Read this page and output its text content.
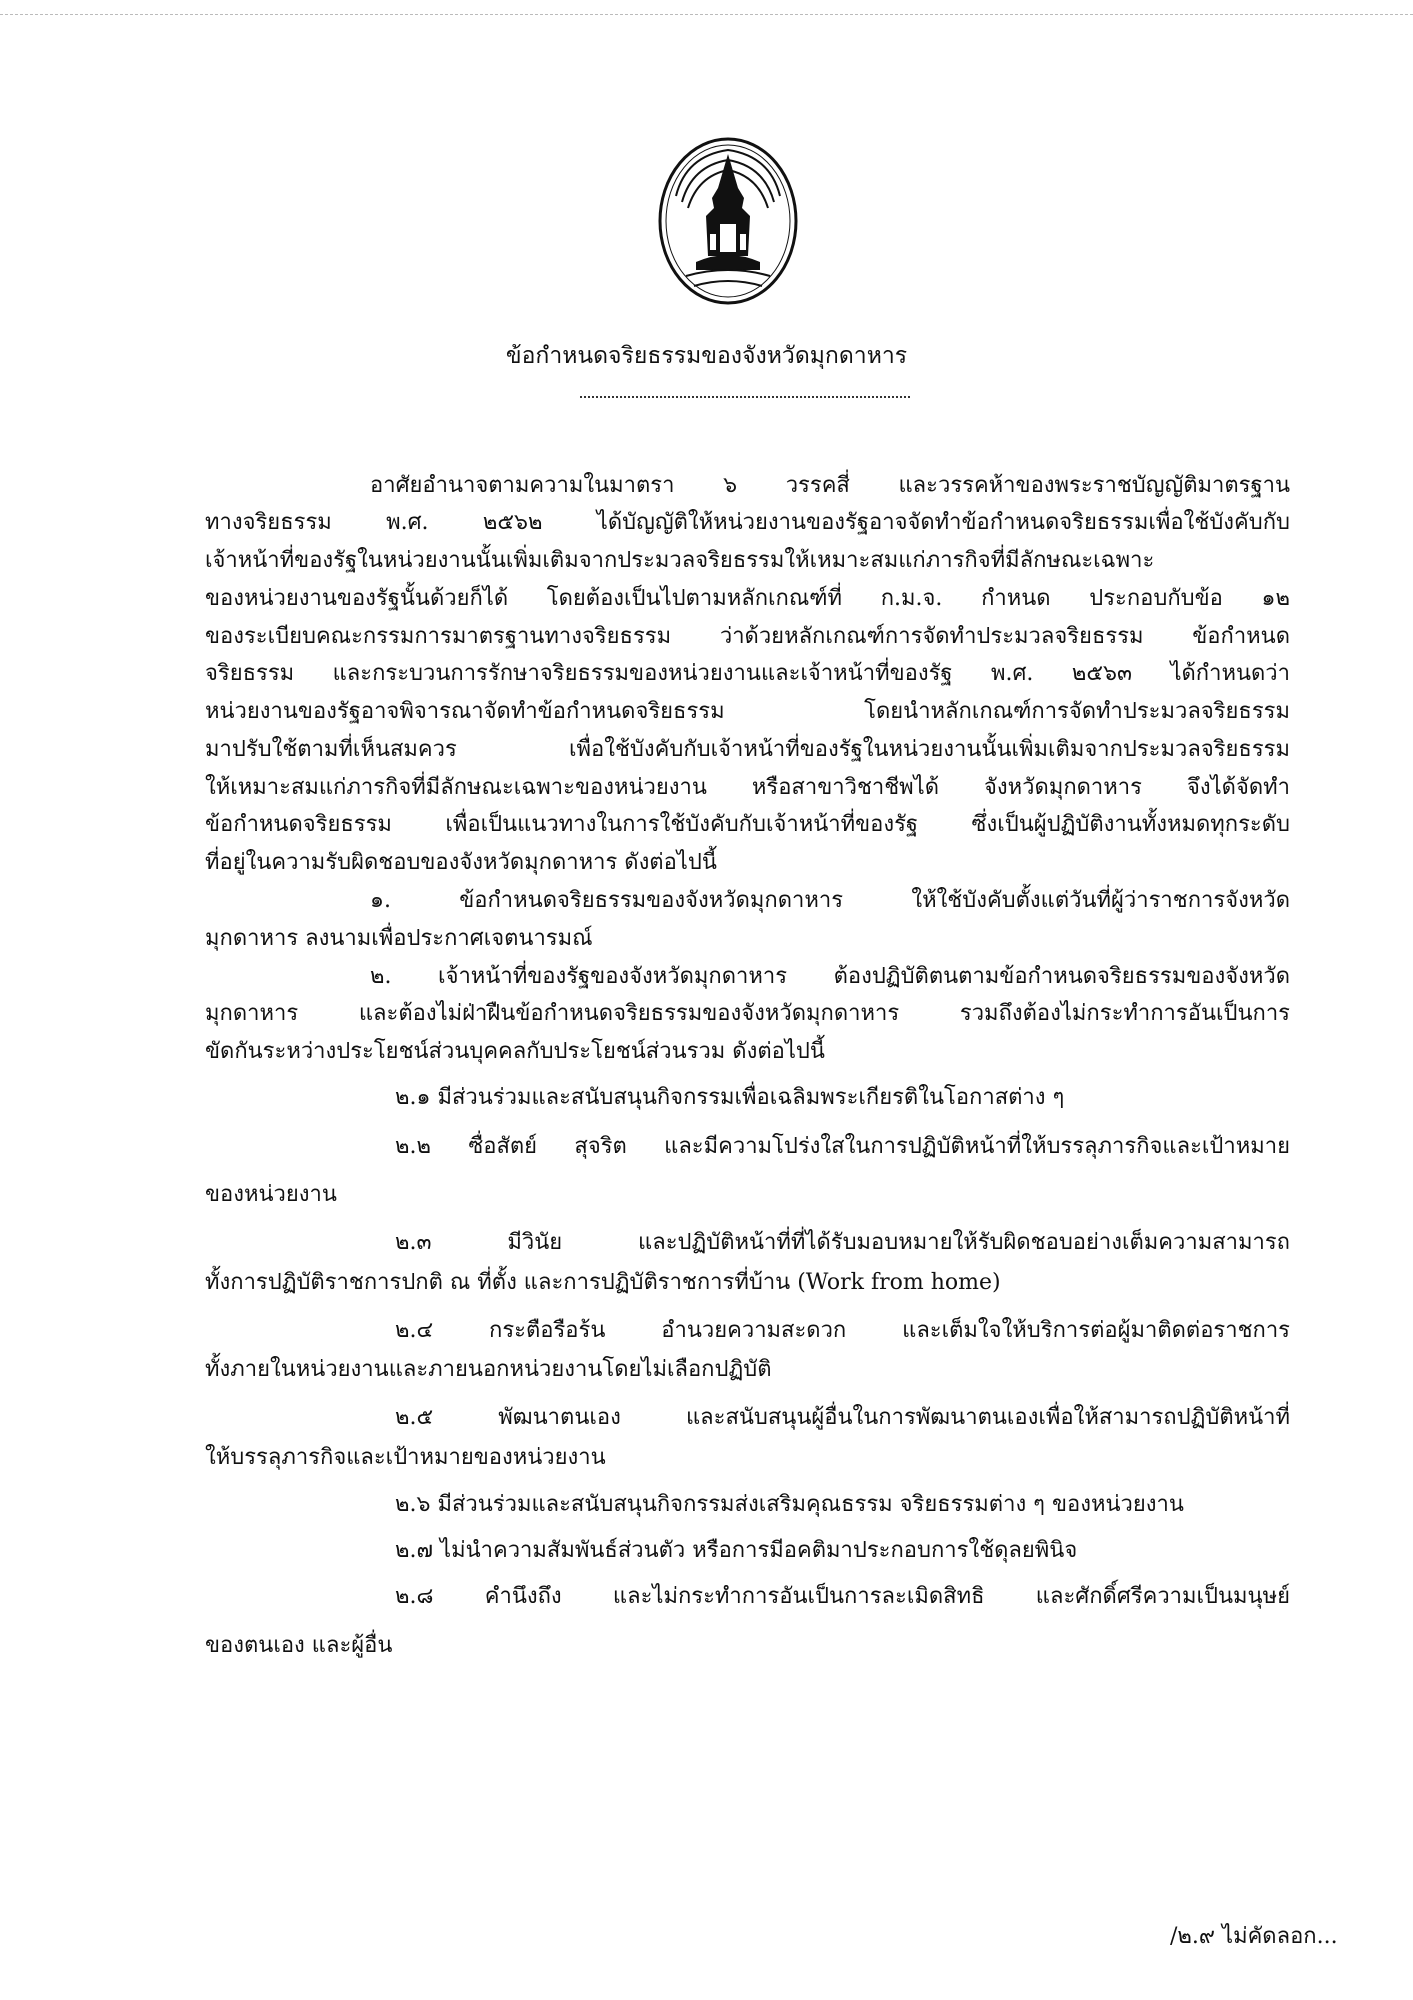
ข้อกำหนดจริยธรรมของจังหวัดมุกดาหาร
อาศัยอำนาจตามความในมาตรา ๖ วรรคสี่ และวรรคห้าของพระราชบัญญัติมาตรฐาน
ทางจริยธรรม พ.ศ. ๒๕๖๒ ได้บัญญัติให้หน่วยงานของรัฐอาจจัดทำข้อกำหนดจริยธรรมเพื่อใช้บังคับกับ
เจ้าหน้าที่ของรัฐในหน่วยงานนั้นเพิ่มเติมจากประมวลจริยธรรมให้เหมาะสมแก่ภารกิจที่มีลักษณะเฉพาะ
ของหน่วยงานของรัฐนั้นด้วยก็ได้ โดยต้องเป็นไปตามหลักเกณฑ์ที่ ก.ม.จ. กำหนด ประกอบกับข้อ ๑๒
ของระเบียบคณะกรรมการมาตรฐานทางจริยธรรม ว่าด้วยหลักเกณฑ์การจัดทำประมวลจริยธรรม ข้อกำหนด
จริยธรรม และกระบวนการรักษาจริยธรรมของหน่วยงานและเจ้าหน้าที่ของรัฐ พ.ศ. ๒๕๖๓ ได้กำหนดว่า
หน่วยงานของรัฐอาจพิจารณาจัดทำข้อกำหนดจริยธรรม โดยนำหลักเกณฑ์การจัดทำประมวลจริยธรรม
มาปรับใช้ตามที่เห็นสมควร เพื่อใช้บังคับกับเจ้าหน้าที่ของรัฐในหน่วยงานนั้นเพิ่มเติมจากประมวลจริยธรรม
ให้เหมาะสมแก่ภารกิจที่มีลักษณะเฉพาะของหน่วยงาน หรือสาขาวิชาชีพได้ จังหวัดมุกดาหาร จึงได้จัดทำ
ข้อกำหนดจริยธรรม เพื่อเป็นแนวทางในการใช้บังคับกับเจ้าหน้าที่ของรัฐ ซึ่งเป็นผู้ปฏิบัติงานทั้งหมดทุกระดับ
ที่อยู่ในความรับผิดชอบของจังหวัดมุกดาหาร ดังต่อไปนี้
๑. ข้อกำหนดจริยธรรมของจังหวัดมุกดาหาร ให้ใช้บังคับตั้งแต่วันที่ผู้ว่าราชการจังหวัด
มุกดาหาร ลงนามเพื่อประกาศเจตนารมณ์
๒. เจ้าหน้าที่ของรัฐของจังหวัดมุกดาหาร ต้องปฏิบัติตนตามข้อกำหนดจริยธรรมของจังหวัด
มุกดาหาร และต้องไม่ฝ่าฝืนข้อกำหนดจริยธรรมของจังหวัดมุกดาหาร รวมถึงต้องไม่กระทำการอันเป็นการ
ขัดกันระหว่างประโยชน์ส่วนบุคคลกับประโยชน์ส่วนรวม ดังต่อไปนี้
๒.๑ มีส่วนร่วมและสนับสนุนกิจกรรมเพื่อเฉลิมพระเกียรติในโอกาสต่าง ๆ
๒.๒ ซื่อสัตย์ สุจริต และมีความโปร่งใสในการปฏิบัติหน้าที่ให้บรรลุภารกิจและเป้าหมาย
ของหน่วยงาน
๒.๓ มีวินัย และปฏิบัติหน้าที่ที่ได้รับมอบหมายให้รับผิดชอบอย่างเต็มความสามารถ
ทั้งการปฏิบัติราชการปกติ ณ ที่ตั้ง และการปฏิบัติราชการที่บ้าน (Work from home)
๒.๔ กระตือรือร้น อำนวยความสะดวก และเต็มใจให้บริการต่อผู้มาติดต่อราชการ
ทั้งภายในหน่วยงานและภายนอกหน่วยงานโดยไม่เลือกปฏิบัติ
๒.๕ พัฒนาตนเอง และสนับสนุนผู้อื่นในการพัฒนาตนเองเพื่อให้สามารถปฏิบัติหน้าที่
ให้บรรลุภารกิจและเป้าหมายของหน่วยงาน
๒.๖ มีส่วนร่วมและสนับสนุนกิจกรรมส่งเสริมคุณธรรม จริยธรรมต่าง ๆ ของหน่วยงาน
๒.๗ ไม่นำความสัมพันธ์ส่วนตัว หรือการมีอคติมาประกอบการใช้ดุลยพินิจ
๒.๘ คำนึงถึง และไม่กระทำการอันเป็นการละเมิดสิทธิ และศักดิ์ศรีความเป็นมนุษย์
ของตนเอง และผู้อื่น
/๒.๙ ไม่คัดลอก...
